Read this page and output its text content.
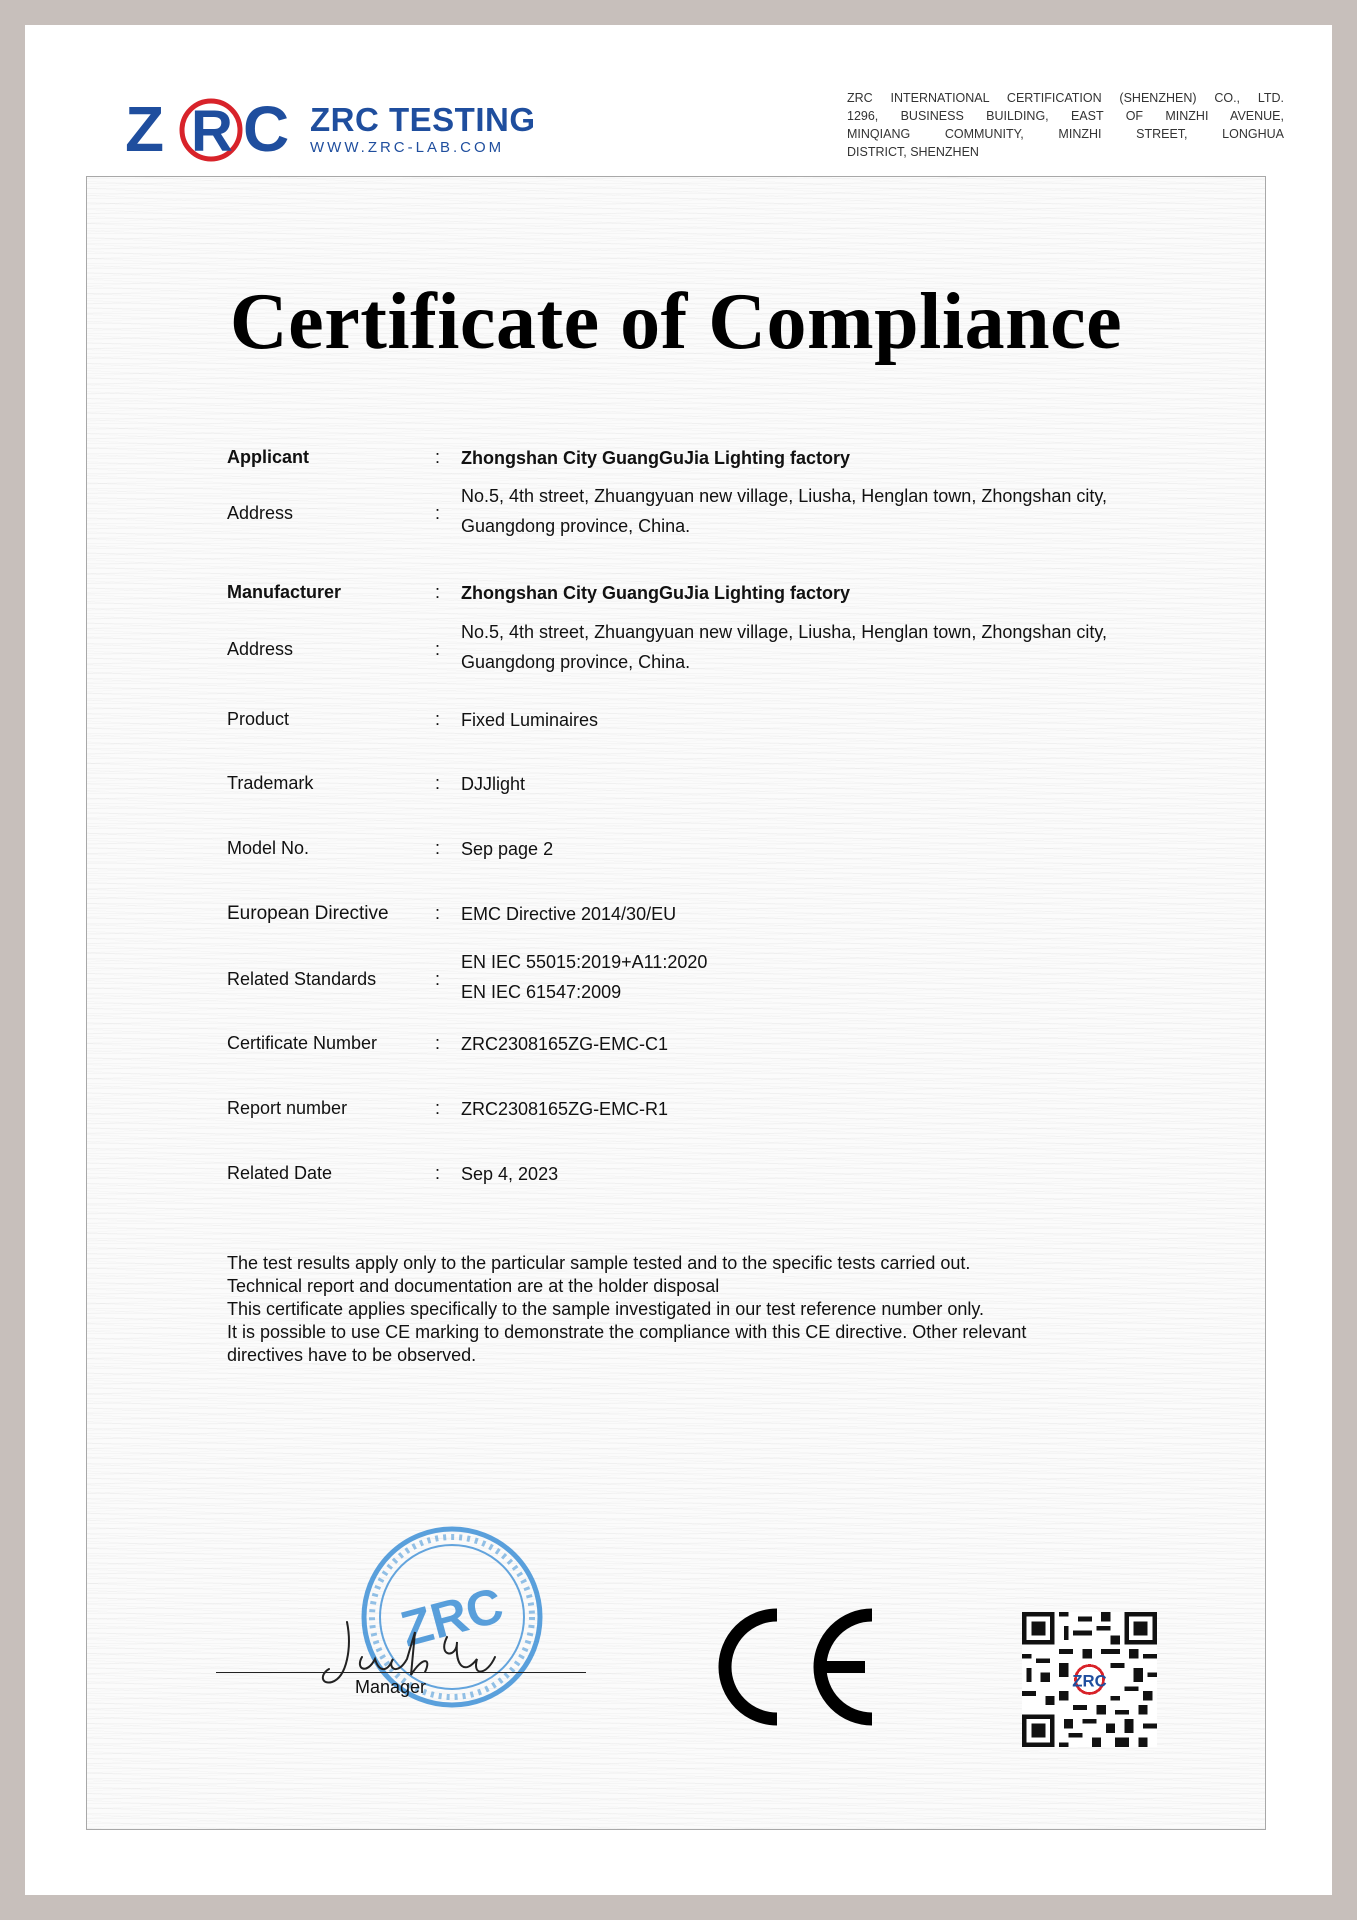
Z R C ZRC TESTING
WWW.ZRC-LAB.COM
ZRC INTERNATIONAL CERTIFICATION (SHENZHEN) CO., LTD.
1296, BUSINESS BUILDING, EAST OF MINZHI AVENUE,
MINQIANG COMMUNITY, MINZHI STREET, LONGHUA
DISTRICT, SHENZHEN
Certificate of Compliance
Applicant	: Zhongshan City GuangGuJia Lighting factory
Address	:
No.5, 4th street, Zhuangyuan new village, Liusha, Henglan town, Zhongshan city, Guangdong province, China.
Manufacturer	: Zhongshan City GuangGuJia Lighting factory
Address	:
No.5, 4th street, Zhuangyuan new village, Liusha, Henglan town, Zhongshan city, Guangdong province, China.
Product	: Fixed Luminaires
Trademark	: DJJlight
Model No.	: Sep page 2
European Directive	: EMC Directive 2014/30/EU
Related Standards	:
EN IEC 55015:2019+A11:2020
EN IEC 61547:2009
Certificate Number	: ZRC2308165ZG-EMC-C1
Report number	: ZRC2308165ZG-EMC-R1
Related Date	: Sep 4, 2023
The test results apply only to the particular sample tested and to the specific tests carried out.
Technical report and documentation are at the holder disposal
This certificate applies specifically to the sample investigated in our test reference number only.
It is possible to use CE marking to demonstrate the compliance with this CE directive. Other relevant
directives have to be observed.
ZRC
Manager	ZRC
